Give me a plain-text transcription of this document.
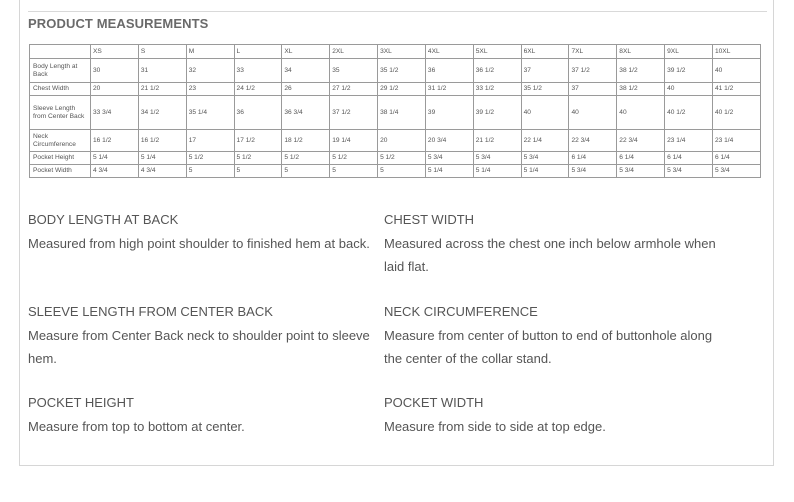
PRODUCT MEASUREMENTS
	XS	S	M	L	XL	2XL	3XL	4XL	5XL	6XL	7XL	8XL	9XL	10XL
Body Length at Back	30	31	32	33	34	35	35 1/2	36	36 1/2	37	37 1/2	38 1/2	39 1/2	40
Chest Width	20	21 1/2	23	24 1/2	26	27 1/2	29 1/2	31 1/2	33 1/2	35 1/2	37	38 1/2	40	41 1/2
Sleeve Length from Center Back	33 3/4	34 1/2	35 1/4	36	36 3/4	37 1/2	38 1/4	39	39 1/2	40	40	40	40 1/2	40 1/2
Neck Circumference	16 1/2	16 1/2	17	17 1/2	18 1/2	19 1/4	20	20 3/4	21 1/2	22 1/4	22 3/4	22 3/4	23 1/4	23 1/4
Pocket Height	5 1/4	5 1/4	5 1/2	5 1/2	5 1/2	5 1/2	5 1/2	5 3/4	5 3/4	5 3/4	6 1/4	6 1/4	6 1/4	6 1/4
Pocket Width	4 3/4	4 3/4	5	5	5	5	5	5 1/4	5 1/4	5 1/4	5 3/4	5 3/4	5 3/4	5 3/4
BODY LENGTH AT BACK

Measured from high point shoulder to finished hem at back.

CHEST WIDTH

Measured across the chest one inch below armhole when laid flat.

SLEEVE LENGTH FROM CENTER BACK

Measure from Center Back neck to shoulder point to sleeve hem.

NECK CIRCUMFERENCE

Measure from center of button to end of buttonhole along the center of the collar stand.

POCKET HEIGHT

Measure from top to bottom at center.

POCKET WIDTH

Measure from side to side at top edge.
